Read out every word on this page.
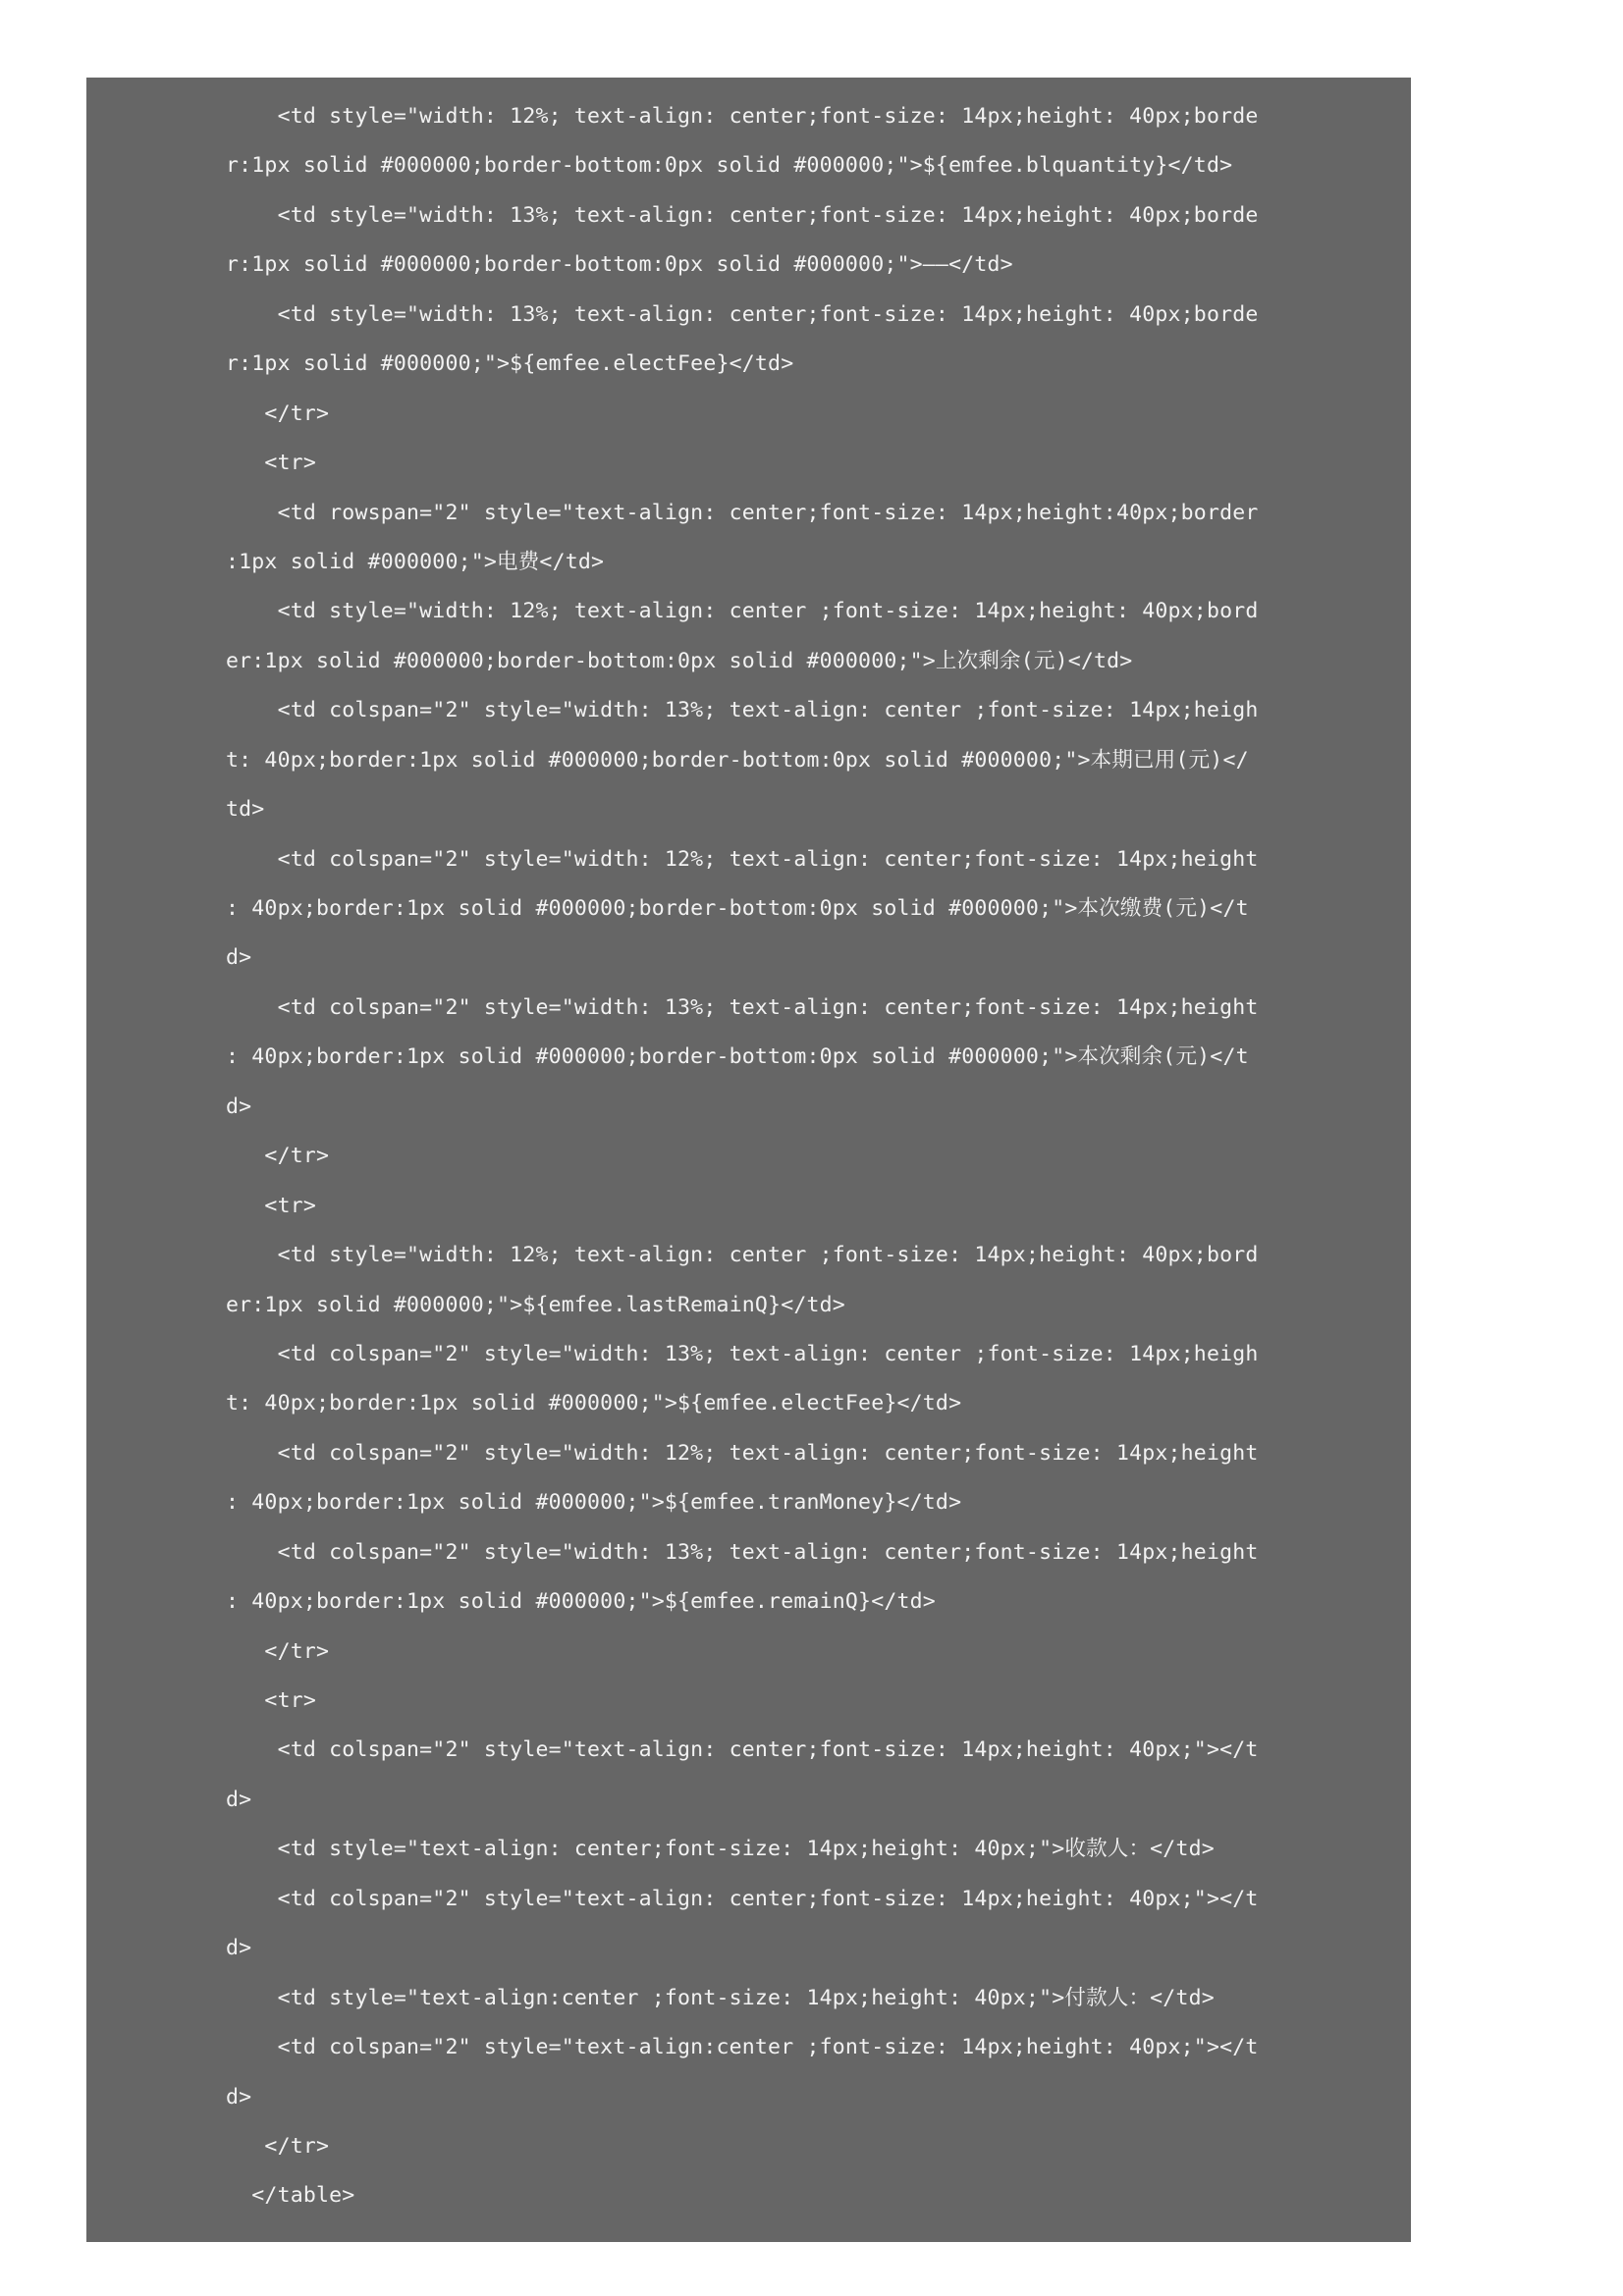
<td style="width: 12%; text-align: center;font-size: 14px;height: 40px;borde
r:1px solid #000000;border-bottom:0px solid #000000;">${emfee.blquantity}</td>
<td style="width: 13%; text-align: center;font-size: 14px;height: 40px;borde
r:1px solid #000000;border-bottom:0px solid #000000;">——</td>
<td style="width: 13%; text-align: center;font-size: 14px;height: 40px;borde
r:1px solid #000000;">${emfee.electFee}</td>
</tr>
<tr>
<td rowspan="2" style="text-align: center;font-size: 14px;height:40px;border
:1px solid #000000;">电费</td>
<td style="width: 12%; text-align: center ;font-size: 14px;height: 40px;bord
er:1px solid #000000;border-bottom:0px solid #000000;">上次剩余(元)</td>
<td colspan="2" style="width: 13%; text-align: center ;font-size: 14px;heigh
t: 40px;border:1px solid #000000;border-bottom:0px solid #000000;">本期已用(元)</
td>
<td colspan="2" style="width: 12%; text-align: center;font-size: 14px;height
: 40px;border:1px solid #000000;border-bottom:0px solid #000000;">本次缴费(元)</t
d>
<td colspan="2" style="width: 13%; text-align: center;font-size: 14px;height
: 40px;border:1px solid #000000;border-bottom:0px solid #000000;">本次剩余(元)</t
d>
</tr>
<tr>
<td style="width: 12%; text-align: center ;font-size: 14px;height: 40px;bord
er:1px solid #000000;">${emfee.lastRemainQ}</td>
<td colspan="2" style="width: 13%; text-align: center ;font-size: 14px;heigh
t: 40px;border:1px solid #000000;">${emfee.electFee}</td>
<td colspan="2" style="width: 12%; text-align: center;font-size: 14px;height
: 40px;border:1px solid #000000;">${emfee.tranMoney}</td>
<td colspan="2" style="width: 13%; text-align: center;font-size: 14px;height
: 40px;border:1px solid #000000;">${emfee.remainQ}</td>
</tr>
<tr>
<td colspan="2" style="text-align: center;font-size: 14px;height: 40px;"></t
d>
<td style="text-align: center;font-size: 14px;height: 40px;">收款人：</td>
<td colspan="2" style="text-align: center;font-size: 14px;height: 40px;"></t
d>
<td style="text-align:center ;font-size: 14px;height: 40px;">付款人：</td>
<td colspan="2" style="text-align:center ;font-size: 14px;height: 40px;"></t
d>
</tr>
</table>
